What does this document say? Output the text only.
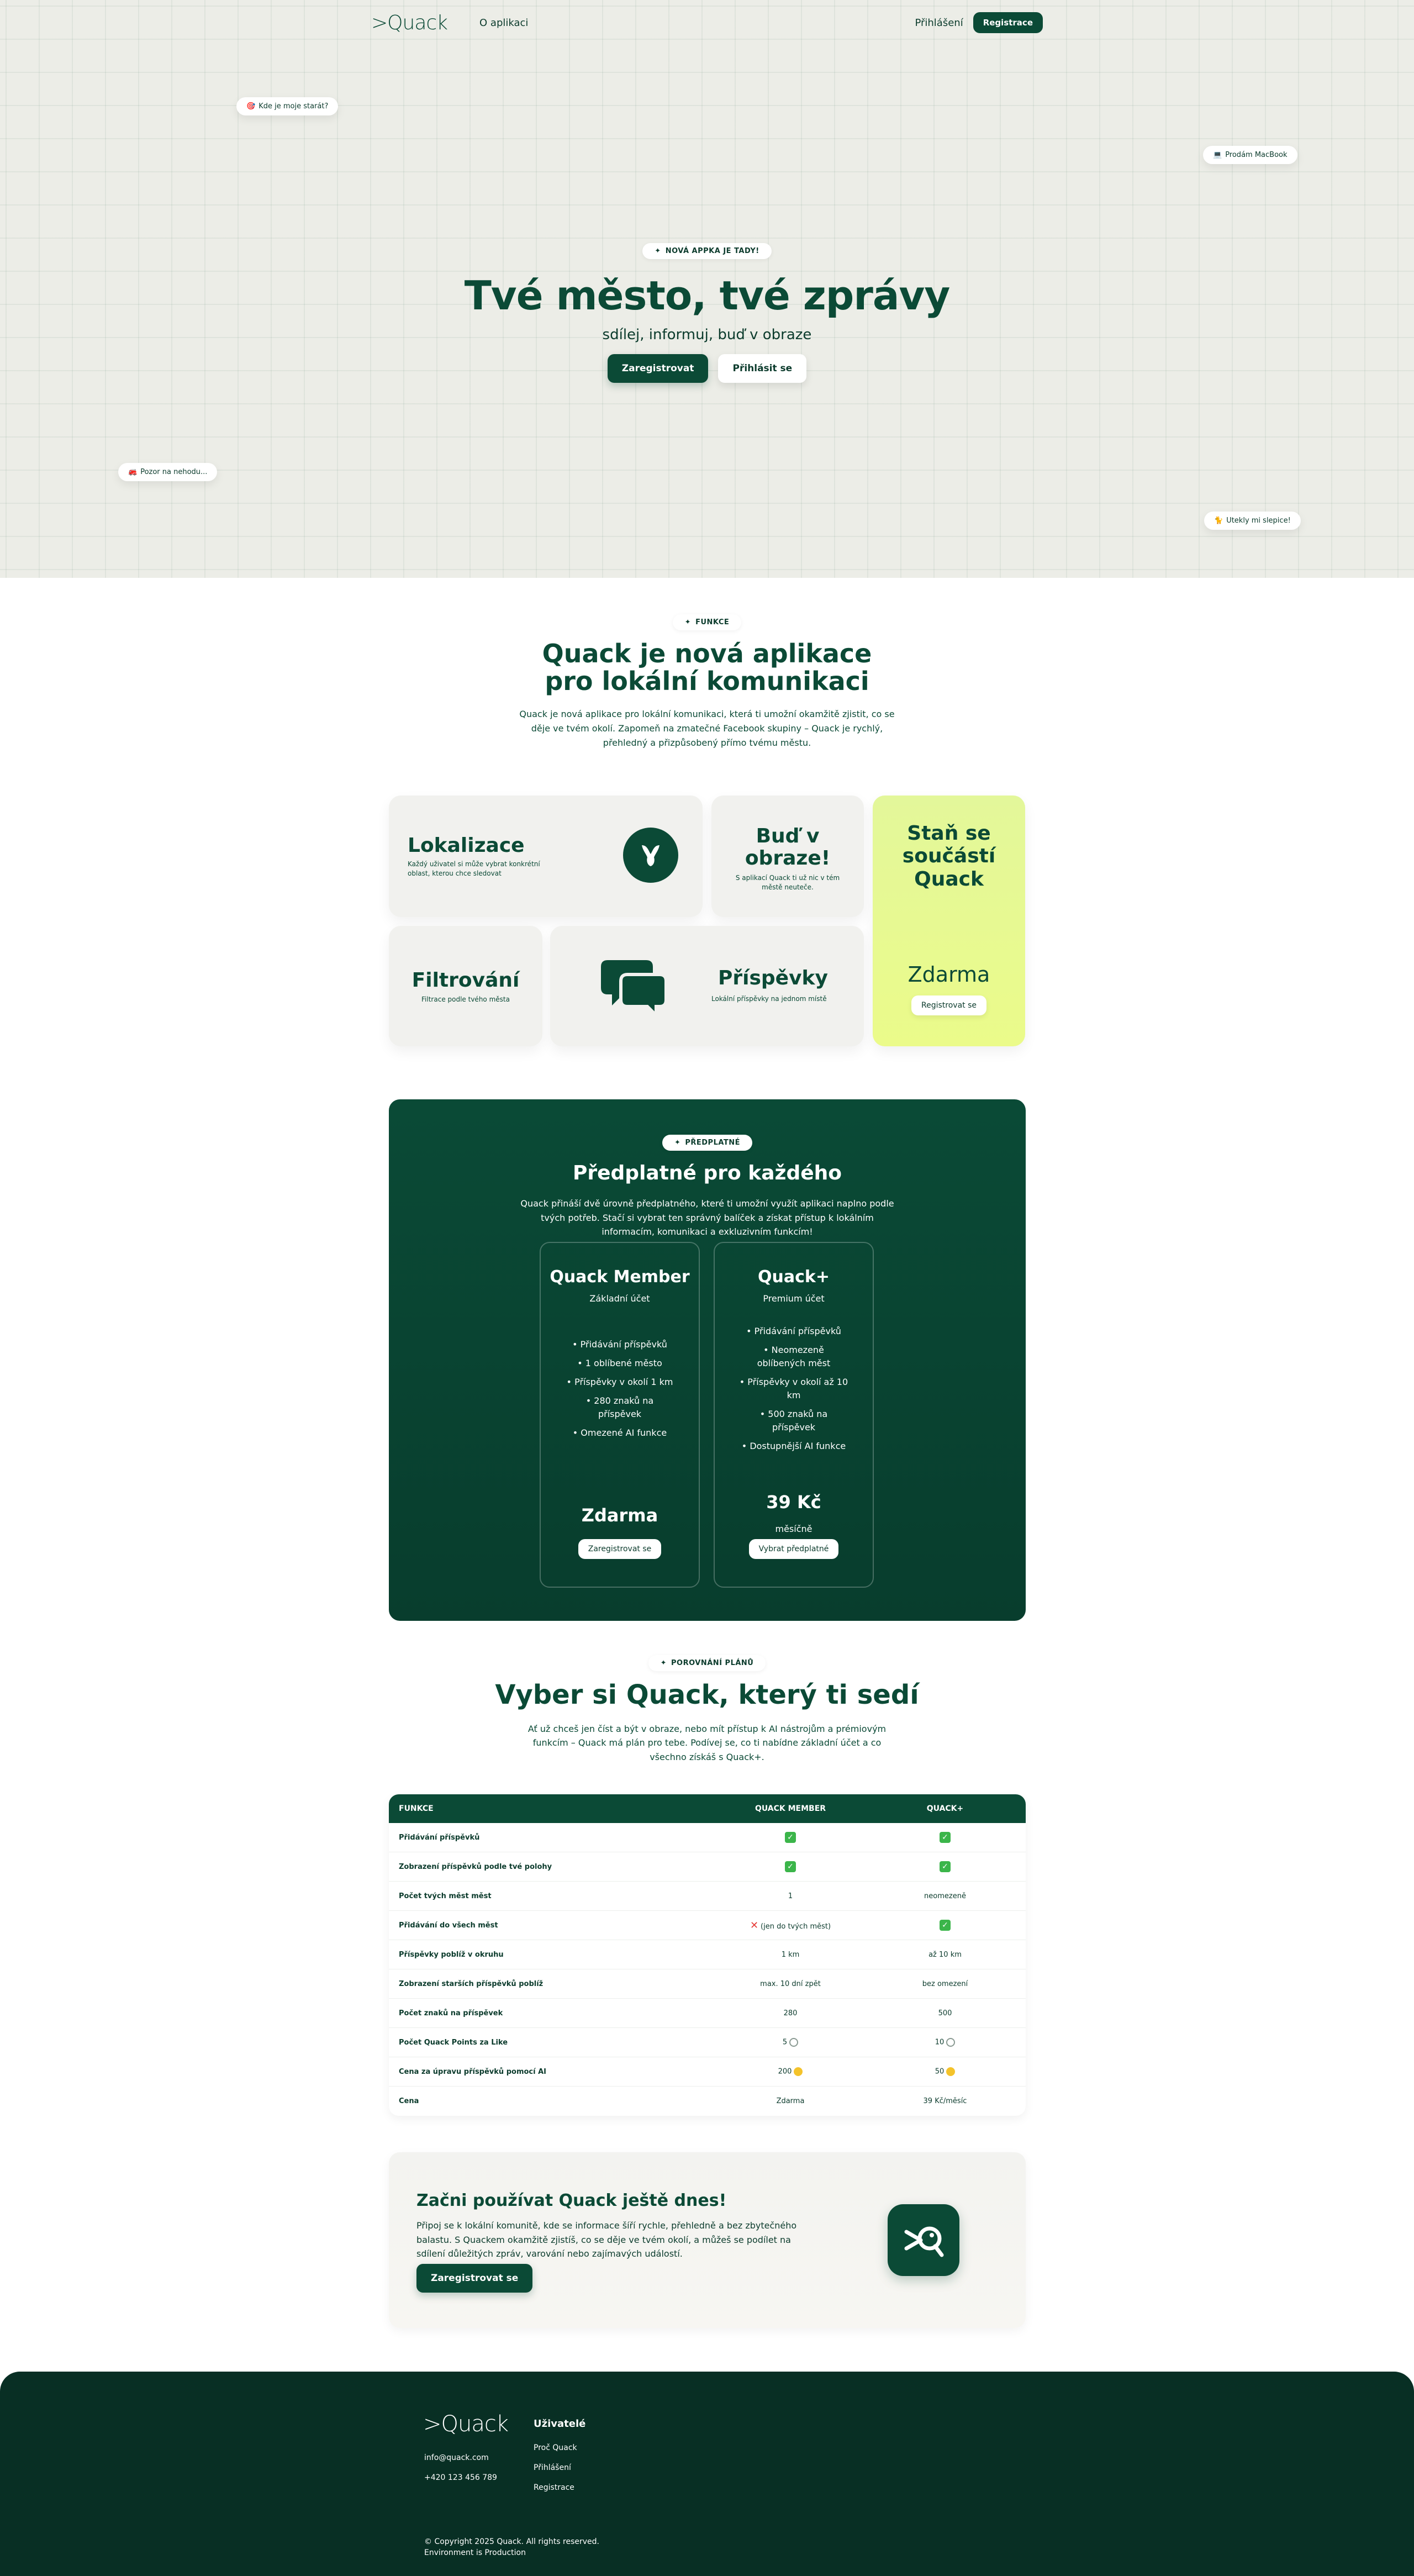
>Quack	O aplikaci	Přihlášení	Registrace
🎯 Kde je moje starát?
💻 Prodám MacBook
🚒 Pozor na nehodu...
🐈 Utekly mi slepice!
✦ NOVÁ APPKA JE TADY!
Tvé město, tvé zprávy
sdílej, informuj, buď v obraze
Zaregistrovat	Přihlásit se
✦ FUNKCE
Quack je nová aplikace
pro lokální komunikaci
Quack je nová aplikace pro lokální komunikaci, která ti umožní okamžitě zjistit, co se děje ve tvém okolí. Zapomeň na zmatečné Facebook skupiny – Quack je rychlý, přehledný a přizpůsobený přímo tvému městu.
Lokalizace
Každý uživatel si může vybrat konkrétní oblast, kterou chce sledovat
Buď v
obraze!
S aplikací Quack ti už nic v tém městě neuteče.
Staň se
součástí
Quack
Zdarma
Registrovat se
Filtrování
Filtrace podle tvého města
Příspěvky
Lokální příspěvky na jednom místě
✦ PŘEDPLATNÉ
Předplatné pro každého
Quack přináší dvě úrovně předplatného, které ti umožní využít aplikaci naplno podle tvých potřeb. Stačí si vybrat ten správný balíček a získat přístup k lokálním informacím, komunikaci a exkluzivním funkcím!
Quack Member
Základní účet
• Přidávání příspěvků
• 1 oblíbené město
• Příspěvky v okolí 1 km
• 280 znaků na příspěvek
• Omezené AI funkce
Zdarma
Zaregistrovat se
Quack+
Premium účet
• Přidávání příspěvků
• Neomezeně oblíbených měst
• Příspěvky v okolí až 10 km
• 500 znaků na příspěvek
• Dostupnější AI funkce
39 Kč
měsíčně
Vybrat předplatné
✦ POROVNÁNÍ PLÁNŮ
Vyber si Quack, který ti sedí
Ať už chceš jen číst a být v obraze, nebo mít přístup k AI nástrojům a prémiovým funkcím – Quack má plán pro tebe. Podívej se, co ti nabídne základní účet a co všechno získáš s Quack+.
FUNKCE	QUACK MEMBER	QUACK+
Přidávání příspěvků	✓	✓
Zobrazení příspěvků podle tvé polohy	✓	✓
Počet tvých měst měst	1	neomezeně
Přidávání do všech měst	✕ (jen do tvých měst)	✓
Příspěvky poblíž v okruhu	1 km	až 10 km
Zobrazení starších příspěvků poblíž	max. 10 dní zpět	bez omezení
Počet znaků na příspěvek	280	500
Počet Quack Points za Like	5	10
Cena za úpravu příspěvků pomocí AI	200	50
Cena	Zdarma	39 Kč/měsíc
Začni používat Quack ještě dnes!
Připoj se k lokální komunitě, kde se informace šíří rychle, přehledně a bez zbytečného balastu. S Quackem okamžitě zjistíš, co se děje ve tvém okolí, a můžeš se podílet na sdílení důležitých zpráv, varování nebo zajímavých událostí.
Zaregistrovat se
>Quack
info@quack.com
+420 123 456 789
Uživatelé
Proč Quack
Přihlášení
Registrace
© Copyright 2025 Quack. All rights reserved.
Environment is Production
